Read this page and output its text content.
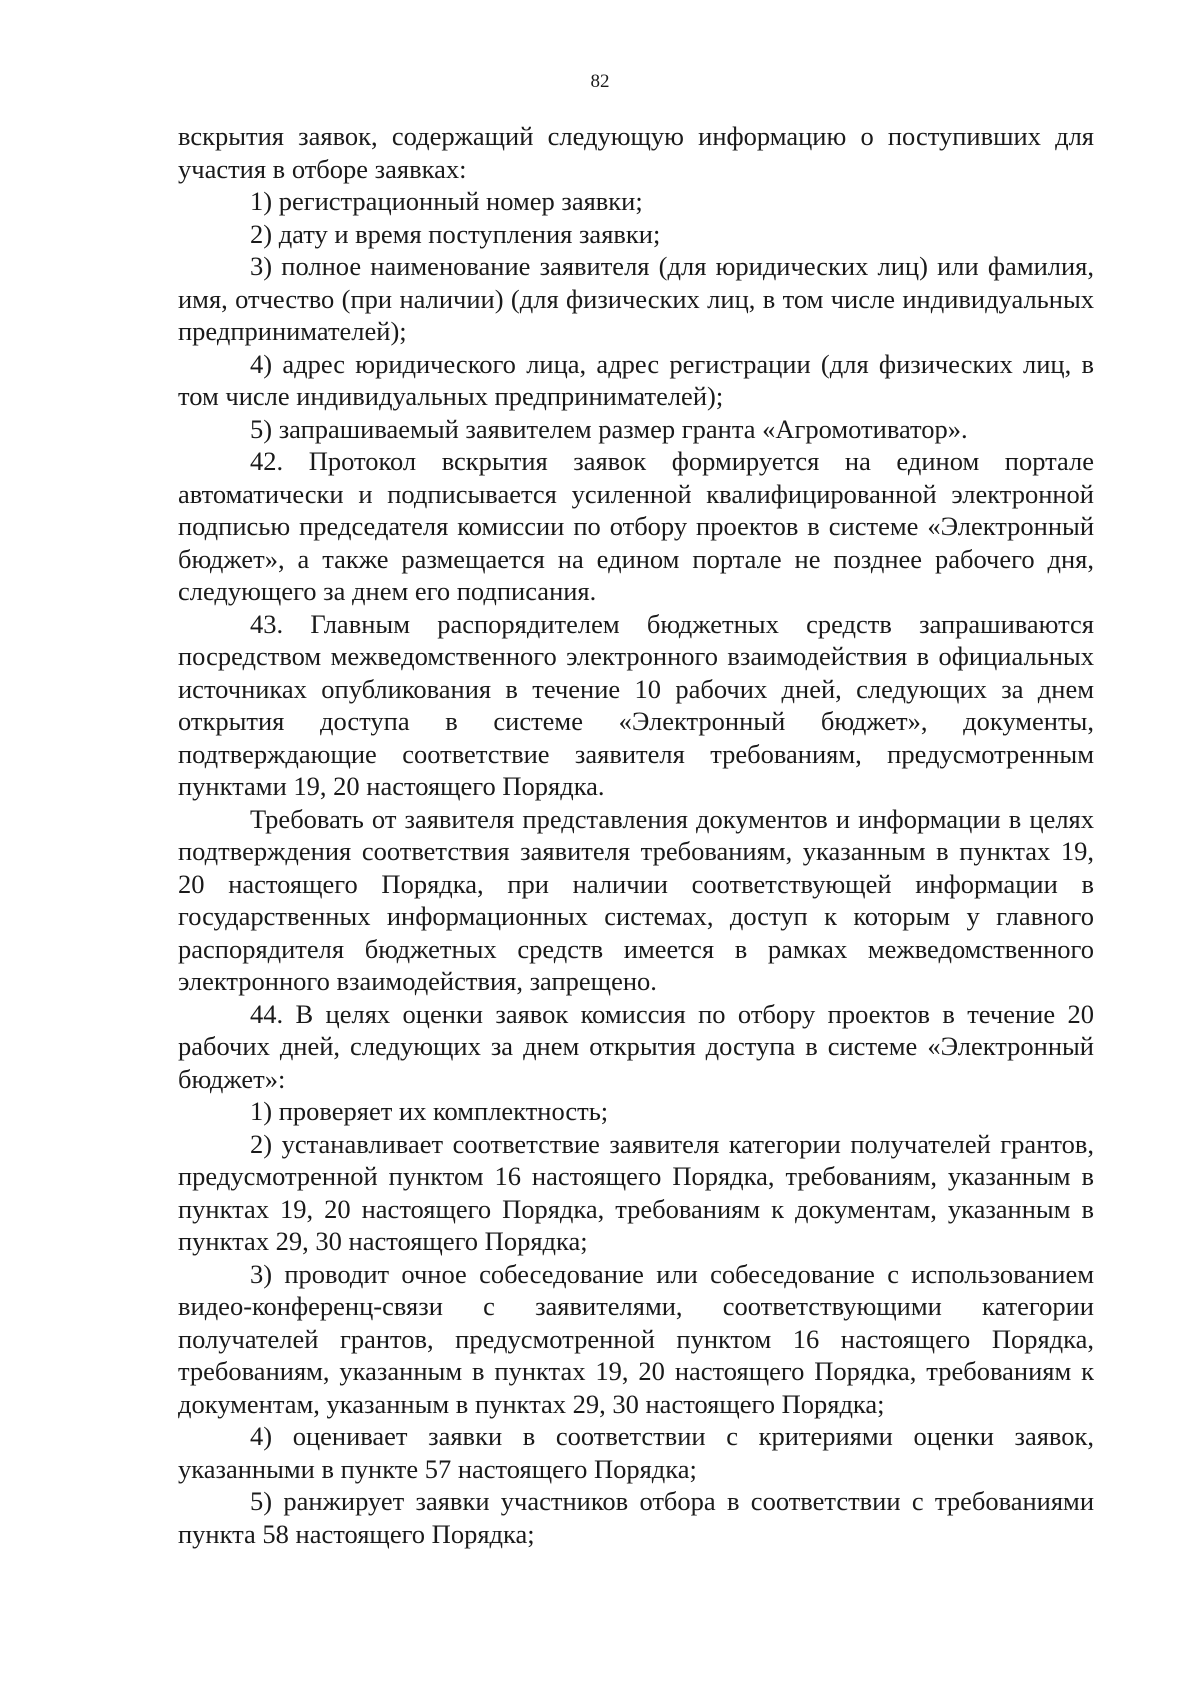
82

вскрытия заявок, содержащий следующую информацию о поступивших для участия в отборе заявках:

1) регистрационный номер заявки;

2) дату и время поступления заявки;

3) полное наименование заявителя (для юридических лиц) или фамилия, имя, отчество (при наличии) (для физических лиц, в том числе индивидуальных предпринимателей);

4) адрес юридического лица, адрес регистрации (для физических лиц, в том числе индивидуальных предпринимателей);

5) запрашиваемый заявителем размер гранта «Агромотиватор».

42. Протокол вскрытия заявок формируется на едином портале автоматически и подписывается усиленной квалифицированной электронной подписью председателя комиссии по отбору проектов в системе «Электронный бюджет», а также размещается на едином портале не позднее рабочего дня, следующего за днем его подписания.

43. Главным распорядителем бюджетных средств запрашиваются посредством межведомственного электронного взаимодействия в официальных источниках опубликования в течение 10 рабочих дней, следующих за днем открытия доступа в системе «Электронный бюджет», документы, подтверждающие соответствие заявителя требованиям, предусмотренным пунктами 19, 20 настоящего Порядка.

Требовать от заявителя представления документов и информации в целях подтверждения соответствия заявителя требованиям, указанным в пунктах 19, 20 настоящего Порядка, при наличии соответствующей информации в государственных информационных системах, доступ к которым у главного распорядителя бюджетных средств имеется в рамках межведомственного электронного взаимодействия, запрещено.

44. В целях оценки заявок комиссия по отбору проектов в течение 20 рабочих дней, следующих за днем открытия доступа в системе «Электронный бюджет»:

1) проверяет их комплектность;

2) устанавливает соответствие заявителя категории получателей грантов, предусмотренной пунктом 16 настоящего Порядка, требованиям, указанным в пунктах 19, 20 настоящего Порядка, требованиям к документам, указанным в пунктах 29, 30 настоящего Порядка;

3) проводит очное собеседование или собеседование с использованием видео-конференц-связи с заявителями, соответствующими категории получателей грантов, предусмотренной пунктом 16 настоящего Порядка, требованиям, указанным в пунктах 19, 20 настоящего Порядка, требованиям к документам, указанным в пунктах 29, 30 настоящего Порядка;

4) оценивает заявки в соответствии с критериями оценки заявок, указанными в пункте 57 настоящего Порядка;

5) ранжирует заявки участников отбора в соответствии с требованиями пункта 58 настоящего Порядка;
